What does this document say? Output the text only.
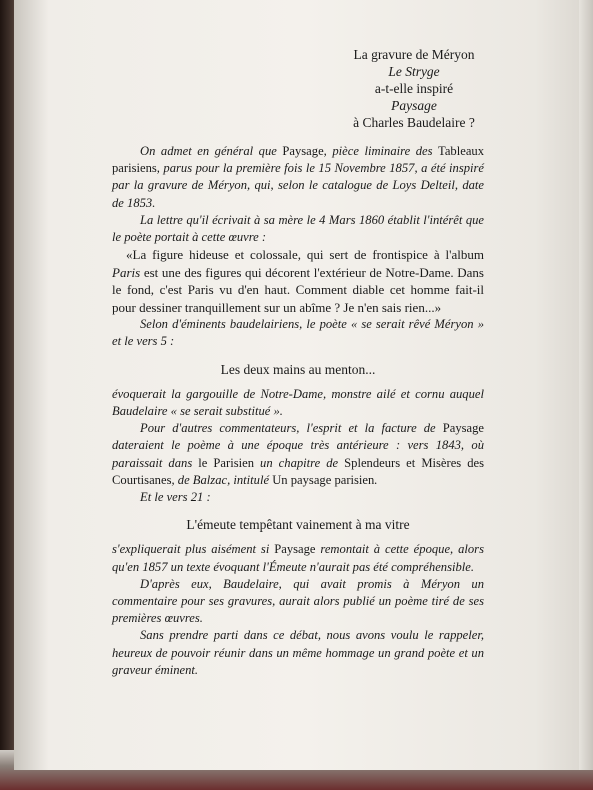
La gravure de Méryon
Le Stryge
a-t-elle inspiré
Paysage
à Charles Baudelaire ?

On admet en général que Paysage, pièce liminaire des Tableaux parisiens, parus pour la première fois le 15 Novembre 1857, a été inspiré par la gravure de Méryon, qui, selon le catalogue de Loys Delteil, date de 1853.

La lettre qu'il écrivait à sa mère le 4 Mars 1860 établit l'intérêt que le poète portait à cette œuvre :

«La figure hideuse et colossale, qui sert de frontispice à l'album Paris est une des figures qui décorent l'extérieur de Notre-Dame. Dans le fond, c'est Paris vu d'en haut. Comment diable cet homme fait-il pour dessiner tranquillement sur un abîme ? Je n'en sais rien...»

Selon d'éminents baudelairiens, le poète « se serait rêvé Méryon » et le vers 5 :

Les deux mains au menton...

évoquerait la gargouille de Notre-Dame, monstre ailé et cornu auquel Baudelaire « se serait substitué ».

Pour d'autres commentateurs, l'esprit et la facture de Paysage dateraient le poème à une époque très antérieure : vers 1843, où paraissait dans le Parisien un chapitre de Splendeurs et Misères des Courtisanes, de Balzac, intitulé Un paysage parisien.

Et le vers 21 :

L'émeute tempêtant vainement à ma vitre

s'expliquerait plus aisément si Paysage remontait à cette époque, alors qu'en 1857 un texte évoquant l'Émeute n'aurait pas été compréhensible.

D'après eux, Baudelaire, qui avait promis à Méryon un commentaire pour ses gravures, aurait alors publié un poème tiré de ses premières œuvres.

Sans prendre parti dans ce débat, nous avons voulu le rappeler, heureux de pouvoir réunir dans un même hommage un grand poète et un graveur éminent.
